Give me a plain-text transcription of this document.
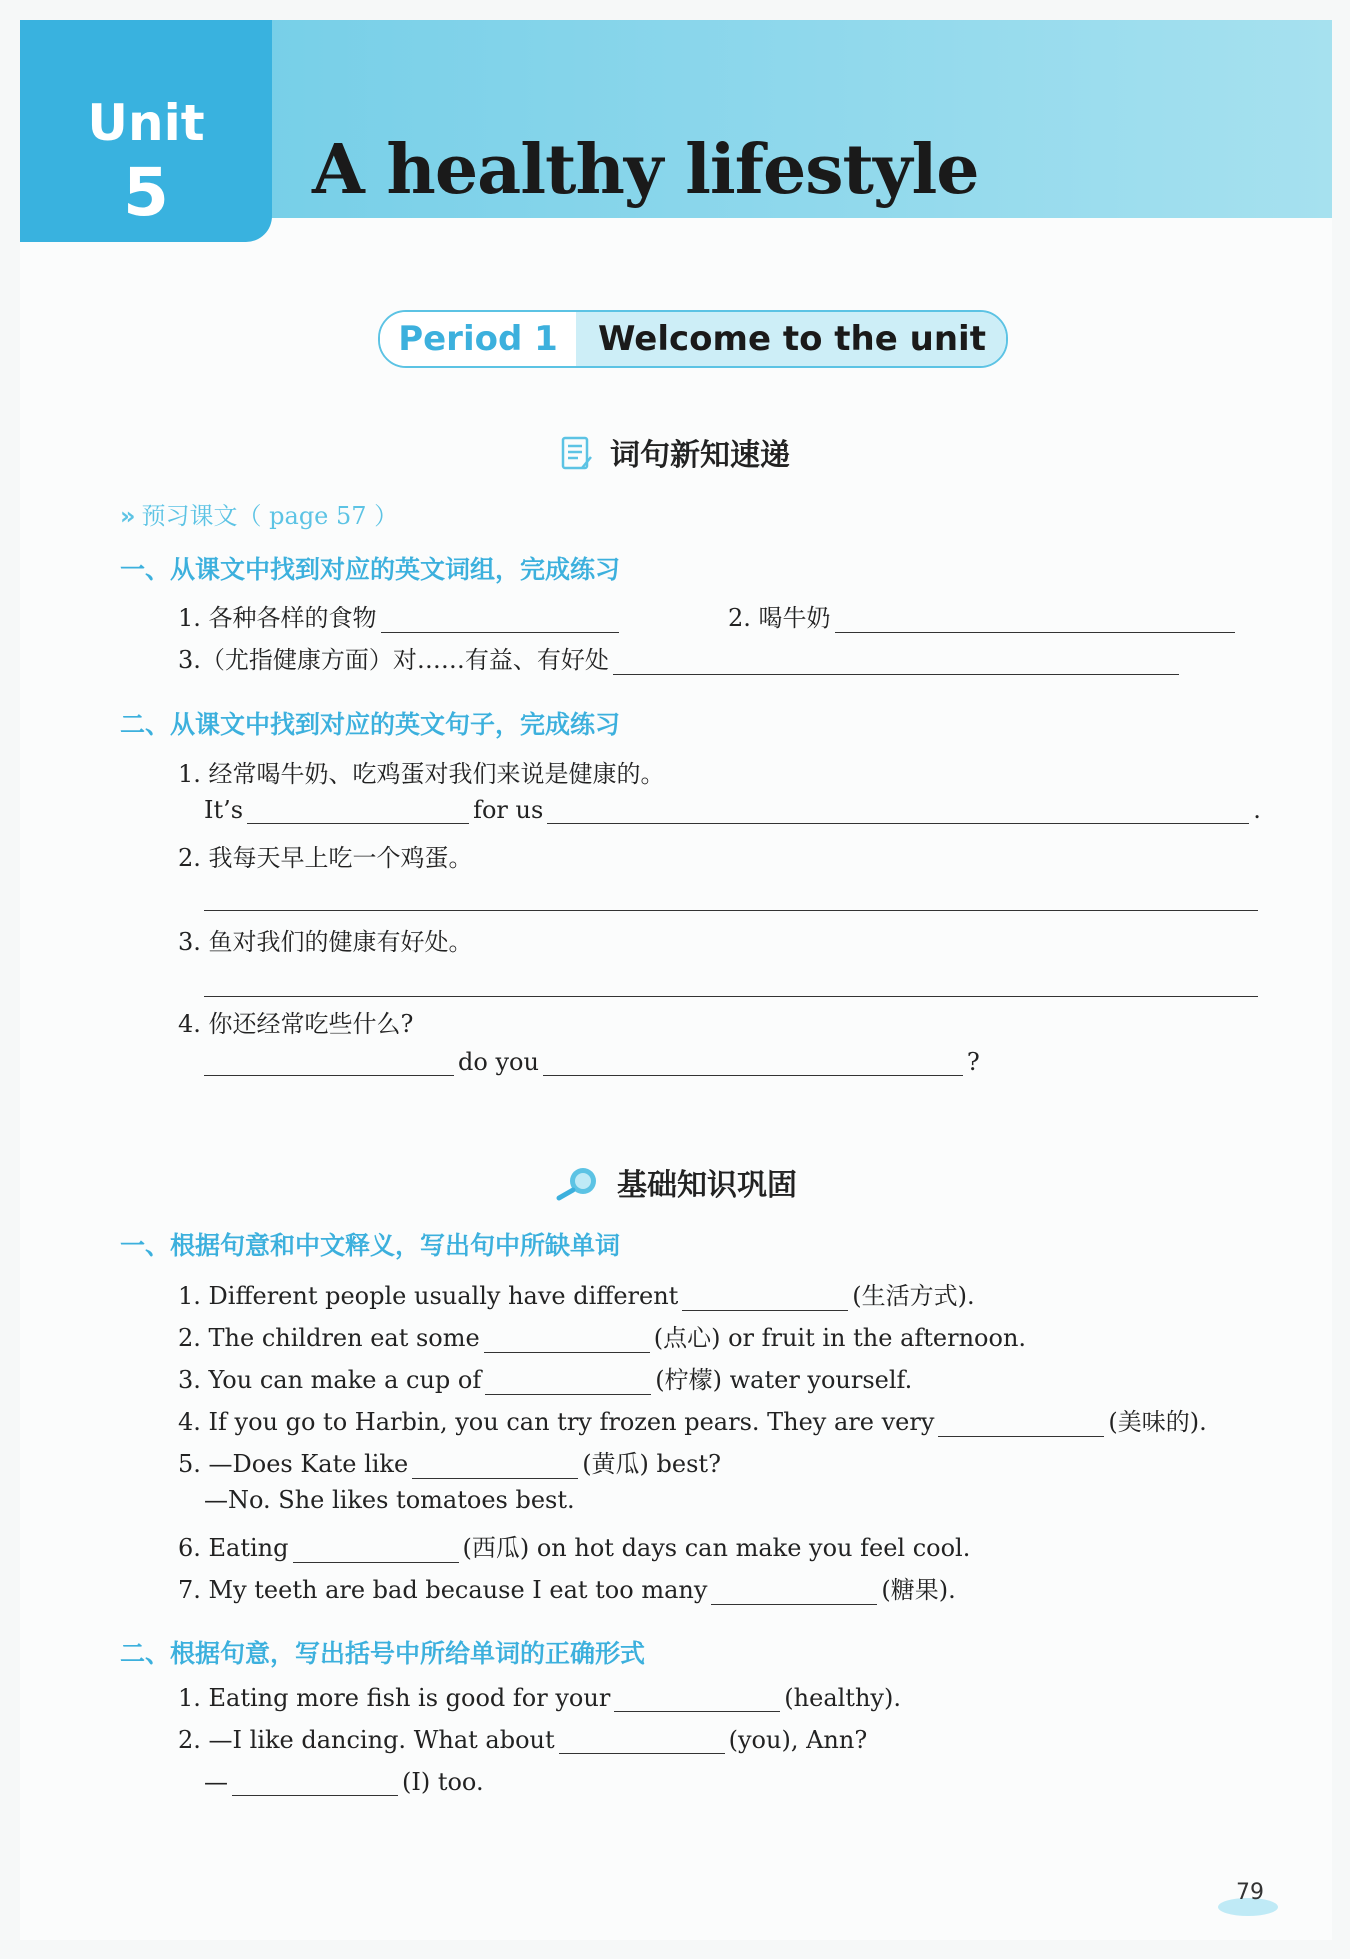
Unit
5	A healthy lifestyle
Period 1	Welcome to the unit
词句新知速递
» 预习课文（ page 57 ）
一、从课文中找到对应的英文词组，完成练习
1. 各种各样的食物	2. 喝牛奶
3.（尤指健康方面）对……有益、有好处
二、从课文中找到对应的英文句子，完成练习
1. 经常喝牛奶、吃鸡蛋对我们来说是健康的。
It’s	for us	.
2. 我每天早上吃一个鸡蛋。
3. 鱼对我们的健康有好处。
4. 你还经常吃些什么?
do you	?
基础知识巩固
一、根据句意和中文释义，写出句中所缺单词
1. Different people usually have different	(生活方式).
2. The children eat some	(点心) or fruit in the afternoon.
3. You can make a cup of	(柠檬) water yourself.
4. If you go to Harbin, you can try frozen pears. They are very	(美味的).
5. —Does Kate like	(黄瓜) best?
—No. She likes tomatoes best.
6. Eating	(西瓜) on hot days can make you feel cool.
7. My teeth are bad because I eat too many	(糖果).
二、根据句意，写出括号中所给单词的正确形式
1. Eating more fish is good for your	(healthy).
2. —I like dancing. What about	(you), Ann?
—	(I) too.
79
